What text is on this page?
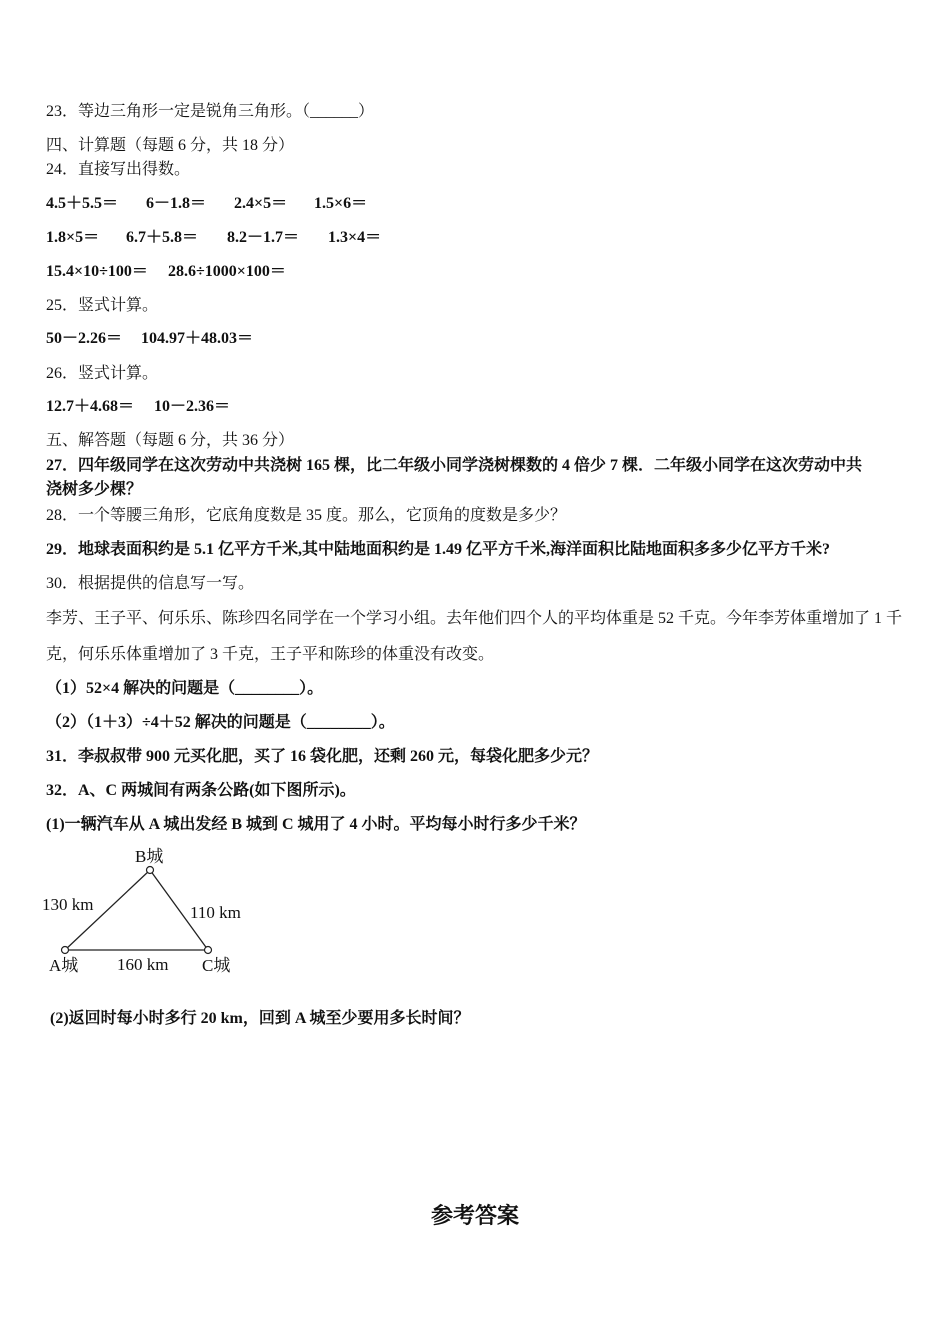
23．等边三角形一定是锐角三角形。（______）
四、计算题（每题 6 分，共 18 分）
24．直接写出得数。
4.5＋5.5＝ 6－1.8＝ 2.4×5＝ 1.5×6＝
1.8×5＝ 6.7＋5.8＝ 8.2－1.7＝ 1.3×4＝
15.4×10÷100＝ 28.6÷1000×100＝
25．竖式计算。
50－2.26＝ 104.97＋48.03＝
26．竖式计算。
12.7＋4.68＝ 10－2.36＝
五、解答题（每题 6 分，共 36 分）
27．四年级同学在这次劳动中共浇树 165 棵，比二年级小同学浇树棵数的 4 倍少 7 棵．二年级小同学在这次劳动中共
浇树多少棵？
28．一个等腰三角形，它底角度数是 35 度。那么，它顶角的度数是多少？
29．地球表面积约是 5.1 亿平方千米,其中陆地面积约是 1.49 亿平方千米,海洋面积比陆地面积多多少亿平方千米?
30．根据提供的信息写一写。
李芳、王子平、何乐乐、陈珍四名同学在一个学习小组。去年他们四个人的平均体重是 52 千克。今年李芳体重增加了 1 千
克，何乐乐体重增加了 3 千克，王子平和陈珍的体重没有改变。
（1）52×4 解决的问题是（________）。
（2）（1＋3）÷4＋52 解决的问题是（________）。
31．李叔叔带 900 元买化肥，买了 16 袋化肥，还剩 260 元，每袋化肥多少元？
32．A、C 两城间有两条公路(如下图所示)。
(1)一辆汽车从 A 城出发经 B 城到 C 城用了 4 小时。平均每小时行多少千米？
B城
130 km	110 km
A城 160 km C城
(2)返回时每小时多行 20 km，回到 A 城至少要用多长时间？
参考答案
